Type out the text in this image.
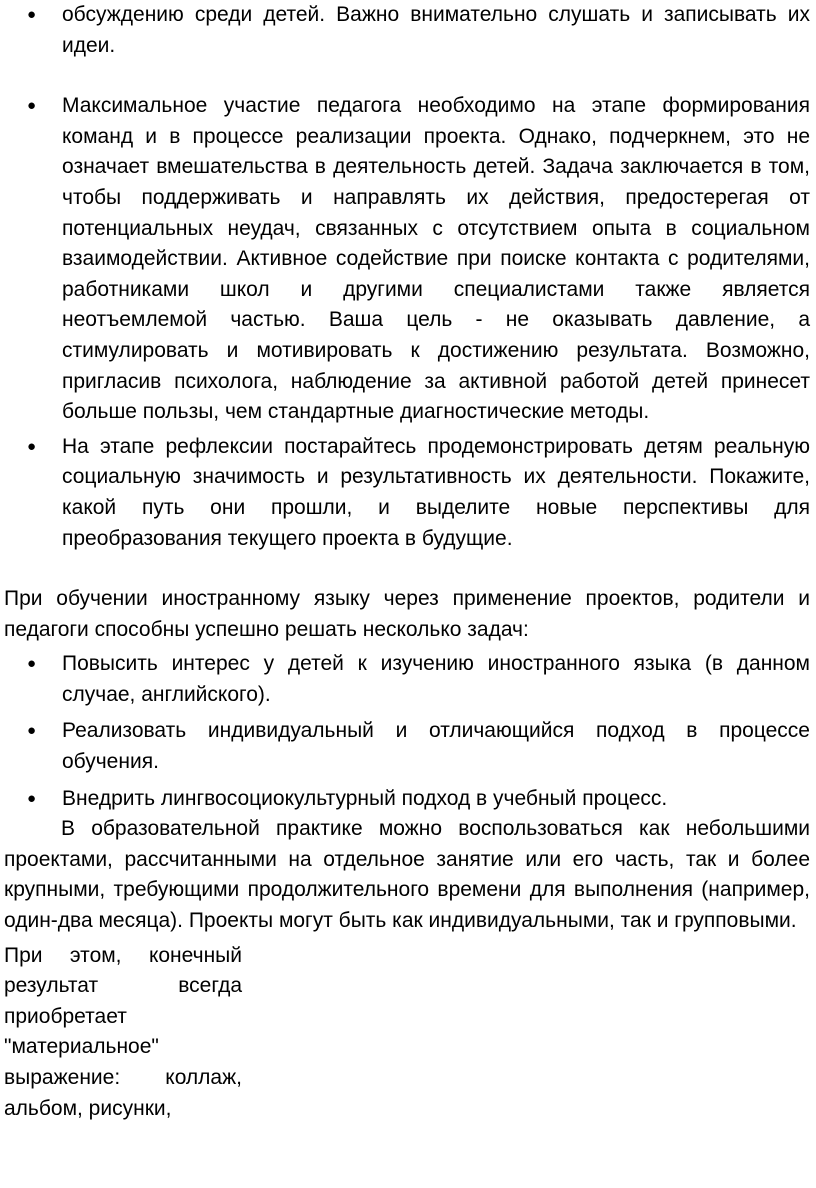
● обсуждению среди детей. Важно внимательно слушать и записывать их идеи.
● Максимальное участие педагога необходимо на этапе формирования команд и в процессе реализации проекта. Однако, подчеркнем, это не означает вмешательства в деятельность детей. Задача заключается в том, чтобы поддерживать и направлять их действия, предостерегая от потенциальных неудач, связанных с отсутствием опыта в социальном взаимодействии. Активное содействие при поиске контакта с родителями, работниками школ и другими специалистами также является неотъемлемой частью. Ваша цель - не оказывать давление, а стимулировать и мотивировать к достижению результата. Возможно, пригласив психолога, наблюдение за активной работой детей принесет больше пользы, чем стандартные диагностические методы.
● На этапе рефлексии постарайтесь продемонстрировать детям реальную социальную значимость и результативность их деятельности. Покажите, какой путь они прошли, и выделите новые перспективы для преобразования текущего проекта в будущие.

При обучении иностранному языку через применение проектов, родители и педагоги способны успешно решать несколько задач:

● Повысить интерес у детей к изучению иностранного языка (в данном случае, английского).
● Реализовать индивидуальный и отличающийся подход в процессе обучения.
● Внедрить лингвосоциокультурный подход в учебный процесс.

В образовательной практике можно воспользоваться как небольшими проектами, рассчитанными на отдельное занятие или его часть, так и более крупными, требующими продолжительного времени для выполнения (например, один-два месяца). Проекты могут быть как индивидуальными, так и групповыми.

При этом, конечный результат всегда приобретает "материальное" выражение: коллаж, альбом, рисунки,
